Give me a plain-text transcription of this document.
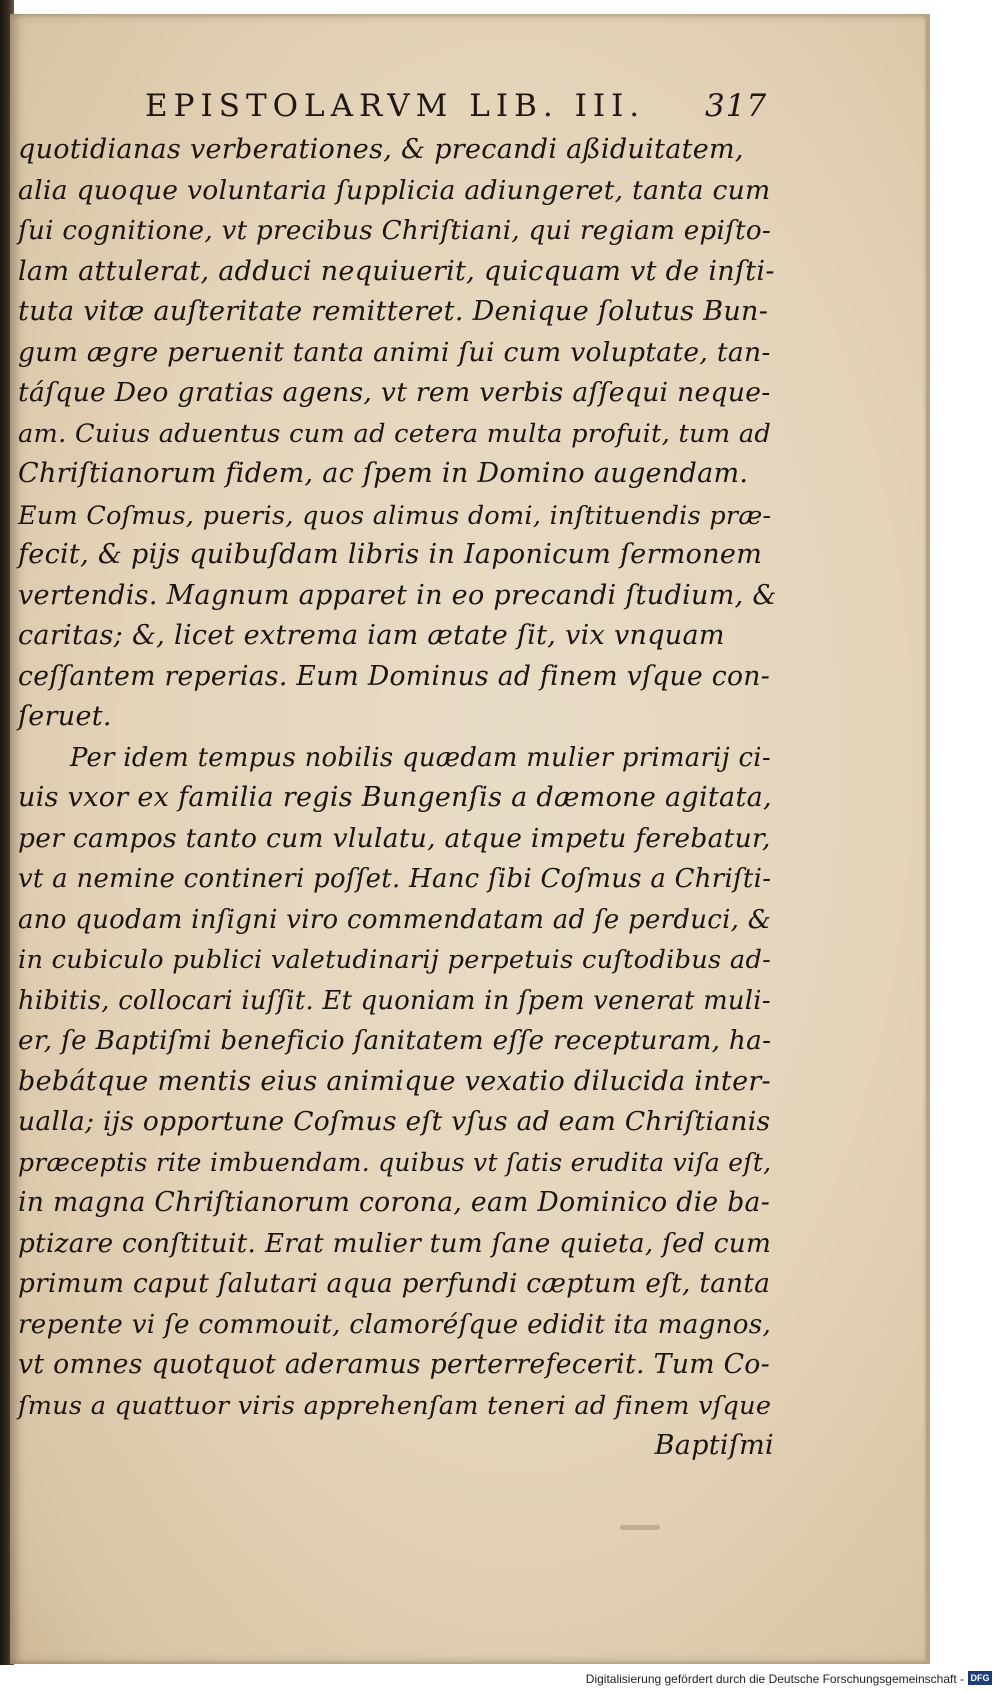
EPISTOLARVM LIB. III. 317
quotidianas verberationes, & precandi aßiduitatem,
alia quoque voluntaria ſupplicia adiungeret, tanta cum
ſui cognitione, vt precibus Chriſtiani, qui regiam epiſto-
lam attulerat, adduci nequiuerit, quicquam vt de inſti-
tuta vitæ auſteritate remitteret. Denique ſolutus Bun-
gum ægre peruenit tanta animi ſui cum voluptate, tan-
táſque Deo gratias agens, vt rem verbis aſſequi neque-
am. Cuius aduentus cum ad cetera multa profuit, tum ad
Chriſtianorum fidem, ac ſpem in Domino augendam.
Eum Coſmus, pueris, quos alimus domi, inſtituendis præ-
fecit, & pijs quibuſdam libris in Iaponicum ſermonem
vertendis. Magnum apparet in eo precandi ſtudium, &
caritas; &, licet extrema iam ætate ſit, vix vnquam
ceſſantem reperias. Eum Dominus ad finem vſque con-
ſeruet.
Per idem tempus nobilis quædam mulier primarij ci-
uis vxor ex familia regis Bungenſis a dæmone agitata,
per campos tanto cum vlulatu, atque impetu ferebatur,
vt a nemine contineri poſſet. Hanc ſibi Coſmus a Chriſti-
ano quodam inſigni viro commendatam ad ſe perduci, &
in cubiculo publici valetudinarij perpetuis cuſtodibus ad-
hibitis, collocari iuſſit. Et quoniam in ſpem venerat muli-
er, ſe Baptiſmi beneficio ſanitatem eſſe recepturam, ha-
bebátque mentis eius animique vexatio dilucida inter-
ualla; ijs opportune Coſmus eſt vſus ad eam Chriſtianis
præceptis rite imbuendam. quibus vt ſatis erudita viſa eſt,
in magna Chriſtianorum corona, eam Dominico die ba-
ptizare conſtituit. Erat mulier tum ſane quieta, ſed cum
primum caput ſalutari aqua perfundi cæptum eſt, tanta
repente vi ſe commouit, clamoréſque edidit ita magnos,
vt omnes quotquot aderamus perterrefecerit. Tum Co-
ſmus a quattuor viris apprehenſam teneri ad finem vſque
Baptiſmi
Digitalisierung gefördert durch die Deutsche Forschungsgemeinschaft - DFG
